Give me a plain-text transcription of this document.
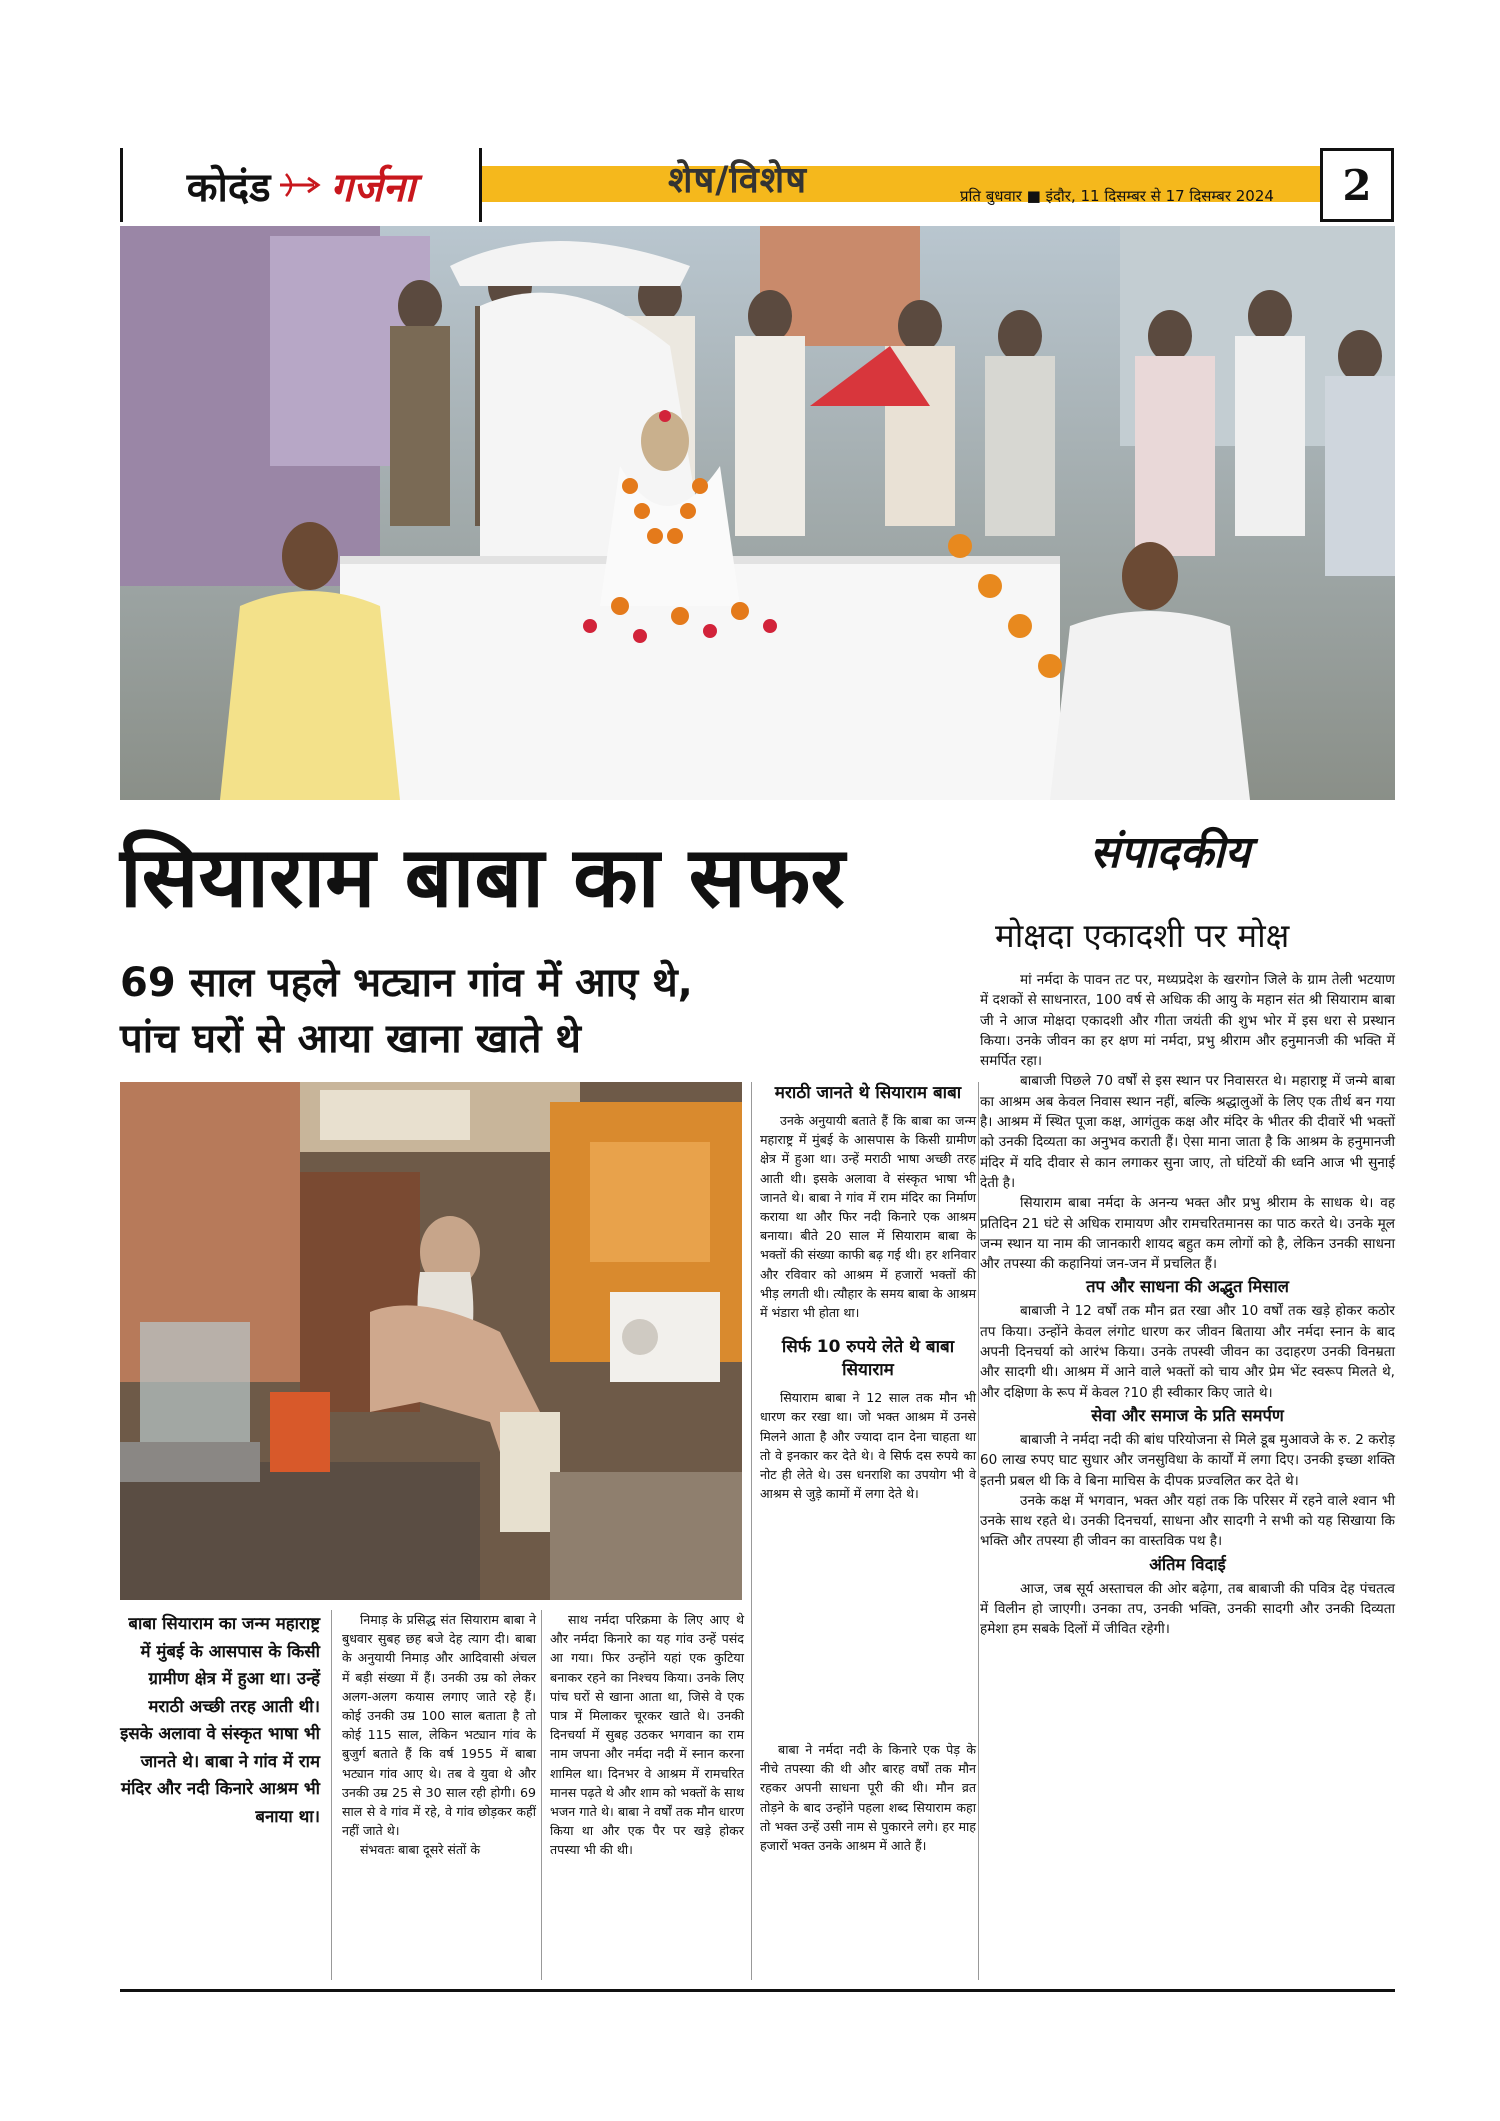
कोदंड गर्जना	शेष/विशेष	प्रति बुधवार ■ इंदौर, 11 दिसम्बर से 17 दिसम्बर 2024	2
सियाराम बाबा का सफर
69 साल पहले भट्यान गांव में आए थे,
पांच घरों से आया खाना खाते थे
संपादकीय
मोक्षदा एकादशी पर मोक्ष

मां नर्मदा के पावन तट पर, मध्यप्रदेश के खरगोन जिले के ग्राम तेली भटयाण में दशकों से साधनारत, 100 वर्ष से अधिक की आयु के महान संत श्री सियाराम बाबा जी ने आज मोक्षदा एकादशी और गीता जयंती की शुभ भोर में इस धरा से प्रस्थान किया। उनके जीवन का हर क्षण मां नर्मदा, प्रभु श्रीराम और हनुमानजी की भक्ति में समर्पित रहा।

बाबाजी पिछले 70 वर्षों से इस स्थान पर निवासरत थे। महाराष्ट्र में जन्मे बाबा का आश्रम अब केवल निवास स्थान नहीं, बल्कि श्रद्धालुओं के लिए एक तीर्थ बन गया है। आश्रम में स्थित पूजा कक्ष, आगंतुक कक्ष और मंदिर के भीतर की दीवारें भी भक्तों को उनकी दिव्यता का अनुभव कराती हैं। ऐसा माना जाता है कि आश्रम के हनुमानजी मंदिर में यदि दीवार से कान लगाकर सुना जाए, तो घंटियों की ध्वनि आज भी सुनाई देती है।

सियाराम बाबा नर्मदा के अनन्य भक्त और प्रभु श्रीराम के साधक थे। वह प्रतिदिन 21 घंटे से अधिक रामायण और रामचरितमानस का पाठ करते थे। उनके मूल जन्म स्थान या नाम की जानकारी शायद बहुत कम लोगों को है, लेकिन उनकी साधना और तपस्या की कहानियां जन-जन में प्रचलित हैं।

तप और साधना की अद्भुत मिसाल

बाबाजी ने 12 वर्षों तक मौन व्रत रखा और 10 वर्षों तक खड़े होकर कठोर तप किया। उन्होंने केवल लंगोट धारण कर जीवन बिताया और नर्मदा स्नान के बाद अपनी दिनचर्या को आरंभ किया। उनके तपस्वी जीवन का उदाहरण उनकी विनम्रता और सादगी थी। आश्रम में आने वाले भक्तों को चाय और प्रेम भेंट स्वरूप मिलते थे, और दक्षिणा के रूप में केवल ?10 ही स्वीकार किए जाते थे।

सेवा और समाज के प्रति समर्पण

बाबाजी ने नर्मदा नदी की बांध परियोजना से मिले डूब मुआवजे के रु. 2 करोड़ 60 लाख रुपए घाट सुधार और जनसुविधा के कार्यों में लगा दिए। उनकी इच्छा शक्ति इतनी प्रबल थी कि वे बिना माचिस के दीपक प्रज्वलित कर देते थे।

उनके कक्ष में भगवान, भक्त और यहां तक कि परिसर में रहने वाले श्वान भी उनके साथ रहते थे। उनकी दिनचर्या, साधना और सादगी ने सभी को यह सिखाया कि भक्ति और तपस्या ही जीवन का वास्तविक पथ है।

अंतिम विदाई

आज, जब सूर्य अस्ताचल की ओर बढ़ेगा, तब बाबाजी की पवित्र देह पंचतत्व में विलीन हो जाएगी। उनका तप, उनकी भक्ति, उनकी सादगी और उनकी दिव्यता हमेशा हम सबके दिलों में जीवित रहेगी।

मराठी जानते थे सियाराम बाबा

उनके अनुयायी बताते हैं कि बाबा का जन्म महाराष्ट्र में मुंबई के आसपास के किसी ग्रामीण क्षेत्र में हुआ था। उन्हें मराठी भाषा अच्छी तरह आती थी। इसके अलावा वे संस्कृत भाषा भी जानते थे। बाबा ने गांव में राम मंदिर का निर्माण कराया था और फिर नदी किनारे एक आश्रम बनाया। बीते 20 साल में सियाराम बाबा के भक्तों की संख्या काफी बढ़ गई थी। हर शनिवार और रविवार को आश्रम में हजारों भक्तों की भीड़ लगती थी। त्यौहार के समय बाबा के आश्रम में भंडारा भी होता था।

सिर्फ 10 रुपये लेते थे बाबा सियाराम

सियाराम बाबा ने 12 साल तक मौन भी धारण कर रखा था। जो भक्त आश्रम में उनसे मिलने आता है और ज्यादा दान देना चाहता था तो वे इनकार कर देते थे। वे सिर्फ दस रुपये का नोट ही लेते थे। उस धनराशि का उपयोग भी वे आश्रम से जुड़े कामों में लगा देते थे।

बाबा सियाराम का जन्म महाराष्ट्र में मुंबई के आसपास के किसी ग्रामीण क्षेत्र में हुआ था। उन्हें मराठी अच्छी तरह आती थी। इसके अलावा वे संस्कृत भाषा भी जानते थे। बाबा ने गांव में राम मंदिर और नदी किनारे आश्रम भी बनाया था।

निमाड़ के प्रसिद्ध संत सियाराम बाबा ने बुधवार सुबह छह बजे देह त्याग दी। बाबा के अनुयायी निमाड़ और आदिवासी अंचल में बड़ी संख्या में हैं। उनकी उम्र को लेकर अलग-अलग कयास लगाए जाते रहे हैं। कोई उनकी उम्र 100 साल बताता है तो कोई 115 साल, लेकिन भट्यान गांव के बुजुर्ग बताते हैं कि वर्ष 1955 में बाबा भट्यान गांव आए थे। तब वे युवा थे और उनकी उम्र 25 से 30 साल रही होगी। 69 साल से वे गांव में रहे, वे गांव छोड़कर कहीं नहीं जाते थे।

संभवतः बाबा दूसरे संतों के

साथ नर्मदा परिक्रमा के लिए आए थे और नर्मदा किनारे का यह गांव उन्हें पसंद आ गया। फिर उन्होंने यहां एक कुटिया बनाकर रहने का निश्चय किया। उनके लिए पांच घरों से खाना आता था, जिसे वे एक पात्र में मिलाकर चूरकर खाते थे। उनकी दिनचर्या में सुबह उठकर भगवान का राम नाम जपना और नर्मदा नदी में स्नान करना शामिल था। दिनभर वे आश्रम में रामचरित मानस पढ़ते थे और शाम को भक्तों के साथ भजन गाते थे। बाबा ने वर्षों तक मौन धारण किया था और एक पैर पर खड़े होकर तपस्या भी की थी।

बाबा ने नर्मदा नदी के किनारे एक पेड़ के नीचे तपस्या की थी और बारह वर्षों तक मौन रहकर अपनी साधना पूरी की थी। मौन व्रत तोड़ने के बाद उन्होंने पहला शब्द सियाराम कहा तो भक्त उन्हें उसी नाम से पुकारने लगे। हर माह हजारों भक्त उनके आश्रम में आते हैं।
